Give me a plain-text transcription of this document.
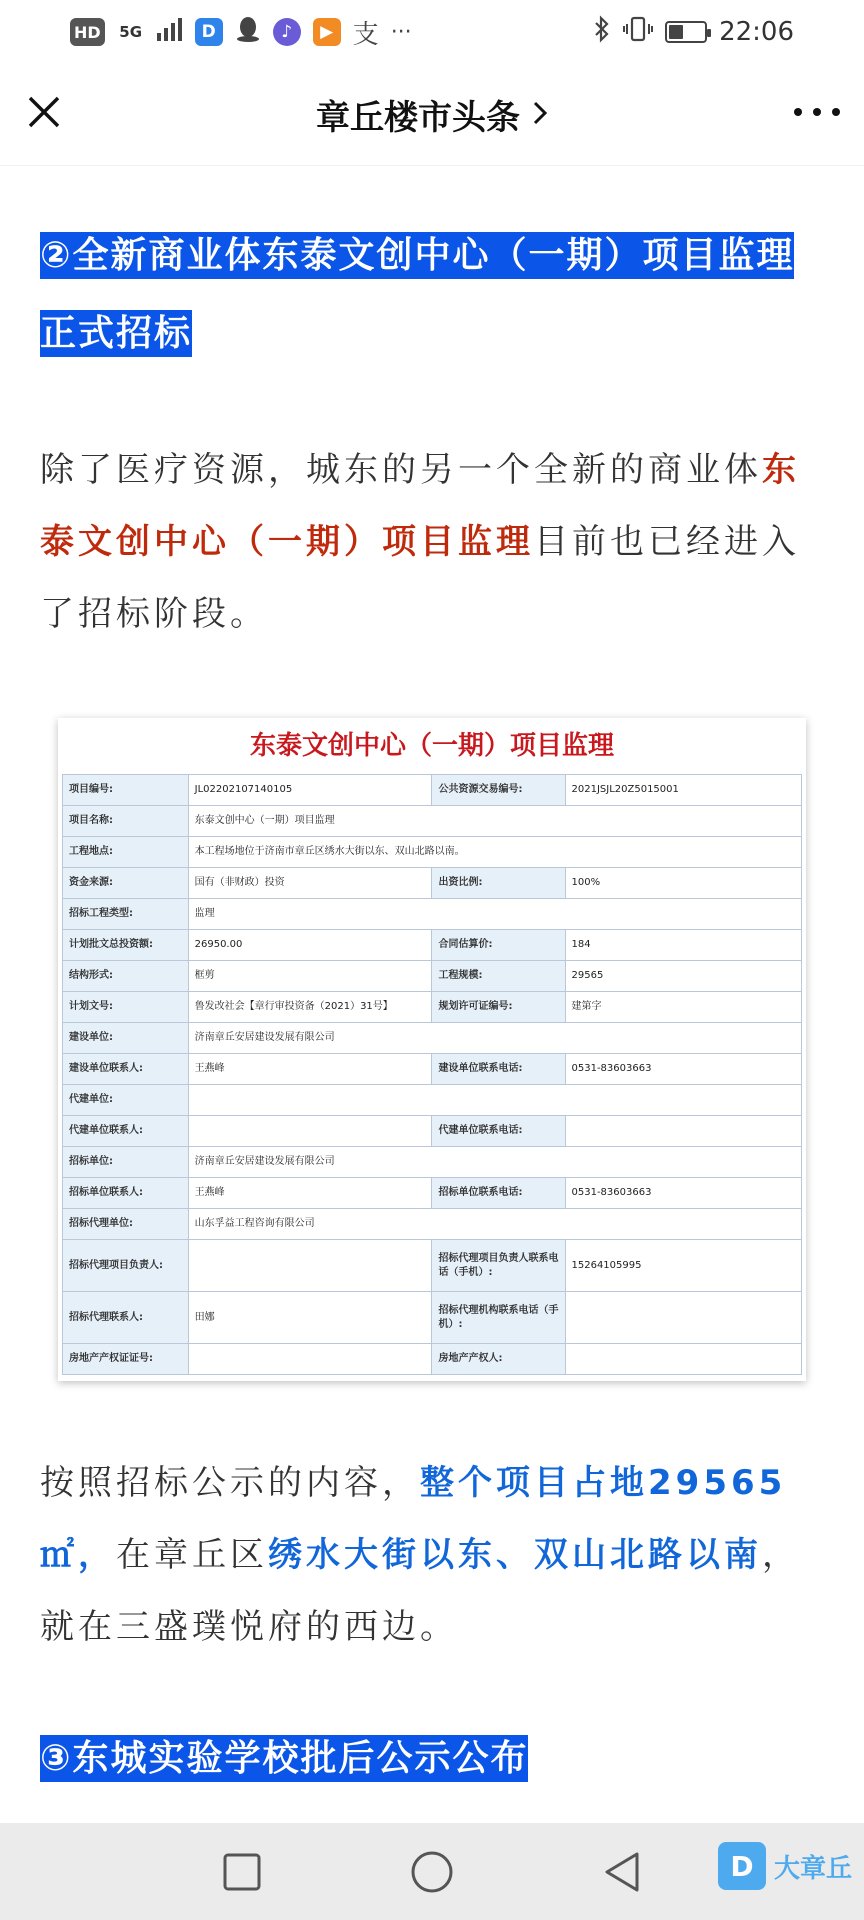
HD 5G	D	♪	▶ 支 ···	22:06
章丘楼市头条
②全新商业体东泰文创中心（一期）项目监理正式招标

除了医疗资源，城东的另一个全新的商业体东泰文创中心（一期）项目监理目前也已经进入了招标阶段。

东泰文创中心（一期）项目监理
项目编号:	JL02202107140105	公共资源交易编号:	2021JSJL20Z5015001
项目名称:	东泰文创中心（一期）项目监理		
工程地点:	本工程场地位于济南市章丘区绣水大街以东、双山北路以南。		
资金来源:	国有（非财政）投资	出资比例:	100%
招标工程类型:	监理		
计划批文总投资额:	26950.00	合同估算价:	184
结构形式:	框剪	工程规模:	29565
计划文号:	鲁发改社会【章行审投资备（2021）31号】	规划许可证编号:	建第字
建设单位:	济南章丘安居建设发展有限公司		
建设单位联系人:	王燕峰	建设单位联系电话:	0531-83603663
代建单位:			
代建单位联系人:		代建单位联系电话:	
招标单位:	济南章丘安居建设发展有限公司		
招标单位联系人:	王燕峰	招标单位联系电话:	0531-83603663
招标代理单位:	山东孚益工程咨询有限公司		
招标代理项目负责人:		招标代理项目负责人联系电话（手机）:	15264105995
招标代理联系人:	田娜	招标代理机构联系电话（手机）:	
房地产产权证证号:		房地产产权人:	

按照招标公示的内容，整个项目占地29565㎡，在章丘区绣水大街以东、双山北路以南，就在三盛璞悦府的西边。

③东城实验学校批后公示公布
D 大章丘
